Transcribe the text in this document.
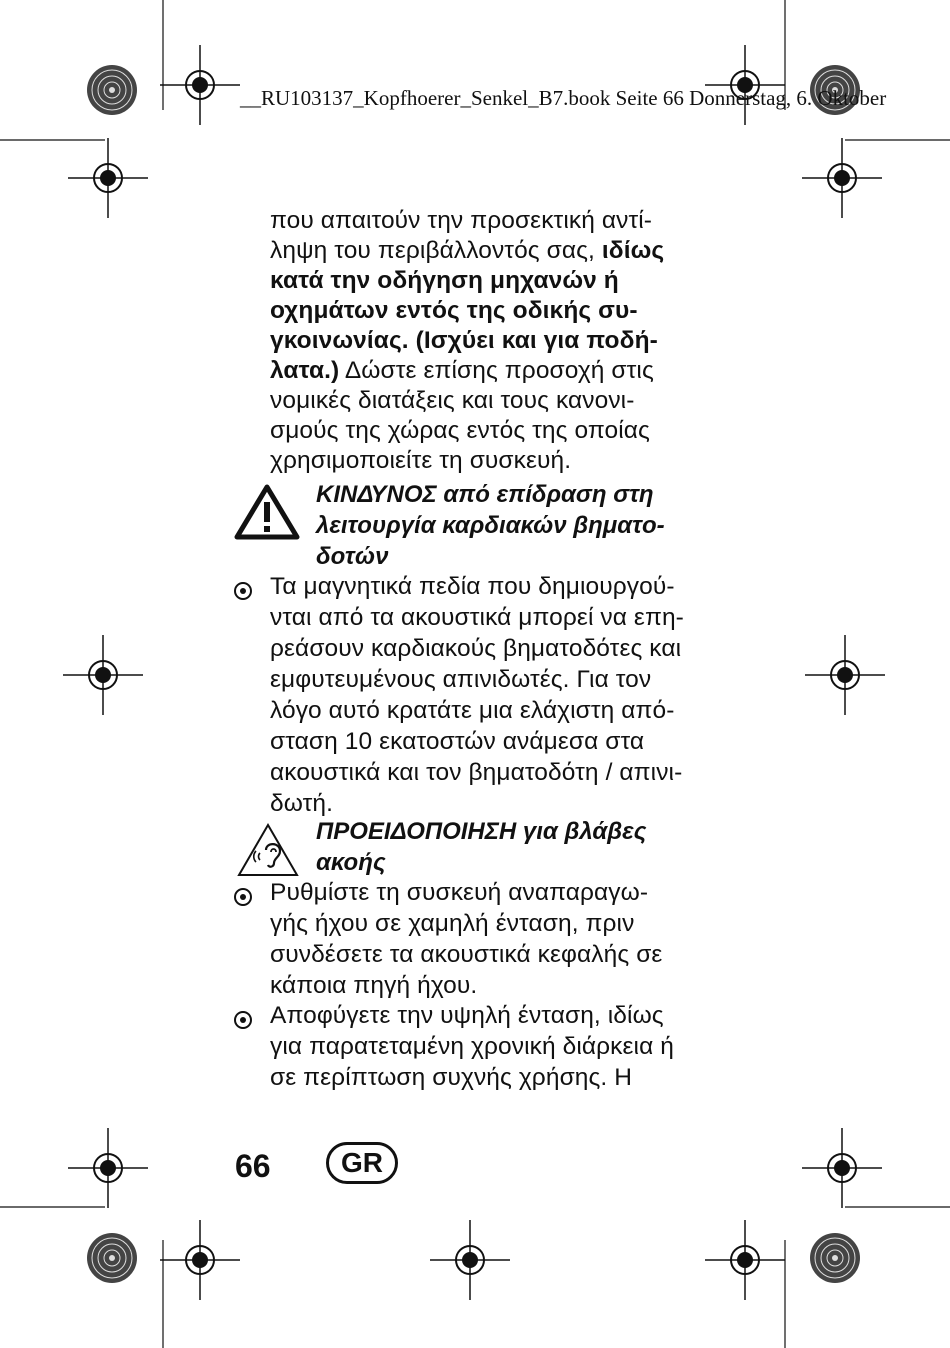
__RU103137_Kopfhoerer_Senkel_B7.book Seite 66 Donnerstag, 6. Oktober
που απαιτούν την προσεκτική αντί-
ληψη του περιβάλλοντός σας, ιδίως
κατά την οδήγηση μηχανών ή
οχημάτων εντός της οδικής συ-
γκοινωνίας. (Ισχύει και για ποδή-
λατα.) Δώστε επίσης προσοχή στις
νομικές διατάξεις και τους κανονι-
σμούς της χώρας εντός της οποίας
χρησιμοποιείτε τη συσκευή.
ΚΙΝΔΥΝΟΣ από επίδραση στη
λειτουργία καρδιακών βηματο-
δοτών
Τα μαγνητικά πεδία που δημιουργού-
νται από τα ακουστικά μπορεί να επη-
ρεάσουν καρδιακούς βηματοδότες και
εμφυτευμένους απινιδωτές. Για τον
λόγο αυτό κρατάτε μια ελάχιστη από-
σταση 10 εκατοστών ανάμεσα στα
ακουστικά και τον βηματοδότη / απινι-
δωτή.
ΠΡΟΕΙΔΟΠΟΙΗΣΗ για βλάβες
ακοής
Ρυθμίστε τη συσκευή αναπαραγω-
γής ήχου σε χαμηλή ένταση, πριν
συνδέσετε τα ακουστικά κεφαλής σε
κάποια πηγή ήχου.
Αποφύγετε την υψηλή ένταση, ιδίως
για παρατεταμένη χρονική διάρκεια ή
σε περίπτωση συχνής χρήσης. Η
66	GR
